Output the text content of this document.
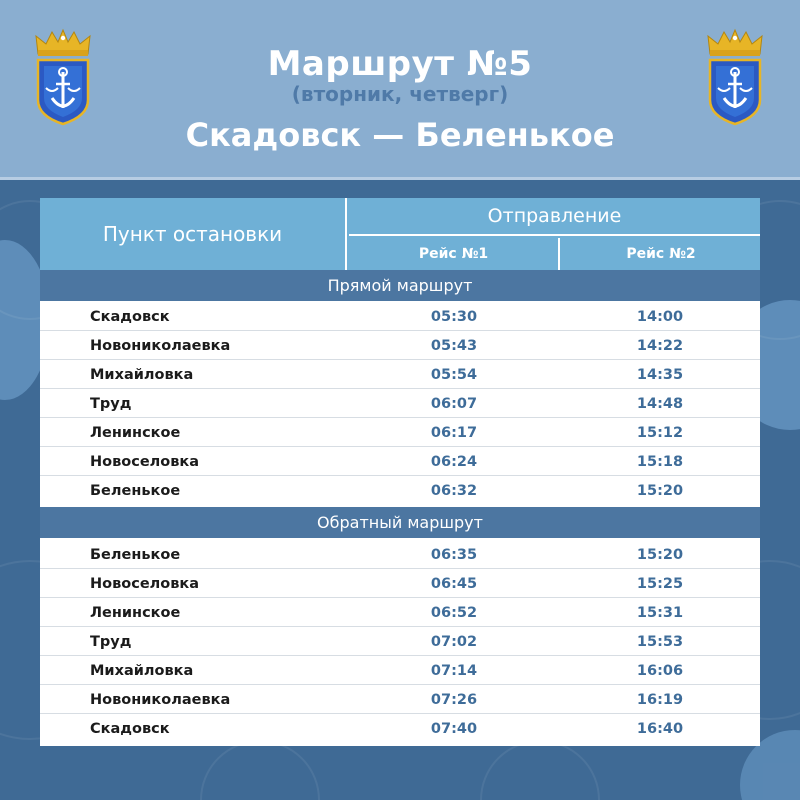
Маршрут №5
(вторник, четверг)
Скадовск — Беленькое
Пункт остановки
Отправление
Рейс №1	Рейс №2
Прямой маршрут
Скадовск	05:30	14:00
Новониколаевка	05:43	14:22
Михайловка	05:54	14:35
Труд	06:07	14:48
Ленинское	06:17	15:12
Новоселовка	06:24	15:18
Беленькое	06:32	15:20
Обратный маршрут
Беленькое	06:35	15:20
Новоселовка	06:45	15:25
Ленинское	06:52	15:31
Труд	07:02	15:53
Михайловка	07:14	16:06
Новониколаевка	07:26	16:19
Скадовск	07:40	16:40
